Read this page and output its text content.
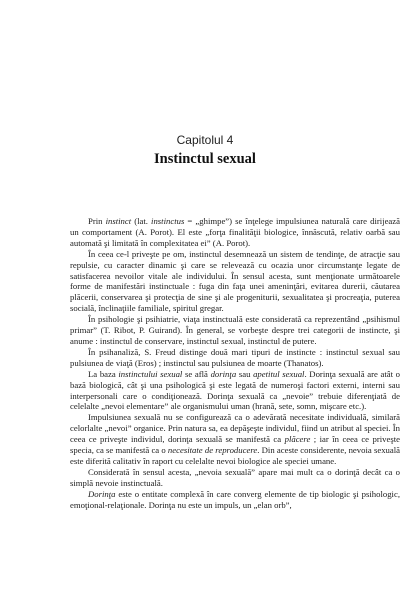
Capitolul 4
Instinctul sexual

Prin instinct (lat. instinctus = „ghimpe”) se înţelege impulsiunea naturală care dirijează un comportament (A. Porot). El este „forţa finalităţii biologice, înnăscută, relativ oarbă sau automată şi limitată în complexitatea ei” (A. Porot).

În ceea ce-l priveşte pe om, instinctul desemnează un sistem de tendinţe, de atracţie sau repulsie, cu caracter dinamic şi care se relevează cu ocazia unor circumstanţe legate de satisfacerea nevoilor vitale ale individului. În sensul acesta, sunt menţionate următoarele forme de manifestări instinctuale : fuga din faţa unei ameninţări, evitarea durerii, căutarea plăcerii, conservarea şi protecţia de sine şi ale progeniturii, sexualitatea şi procreaţia, puterea socială, înclinaţiile familiale, spiritul gregar.

În psihologie şi psihiatrie, viaţa instinctuală este considerată ca reprezentând „psihismul primar” (T. Ribot, P. Guirand). În general, se vorbeşte despre trei categorii de instincte, şi anume : instinctul de conservare, instinctul sexual, instinctul de putere.

În psihanaliză, S. Freud distinge două mari tipuri de instincte : instinctul sexual sau pulsiunea de viaţă (Eros) ; instinctul sau pulsiunea de moarte (Thanatos).

La baza instinctului sexual se află dorinţa sau apetitul sexual. Dorinţa sexuală are atât o bază biologică, cât şi una psihologică şi este legată de numeroşi factori externi, interni sau interpersonali care o condiţionează. Dorinţa sexuală ca „nevoie” trebuie diferenţiată de celelalte „nevoi elementare” ale organismului uman (hrană, sete, somn, mişcare etc.).

Impulsiunea sexuală nu se configurează ca o adevărată necesitate individuală, similară celorlalte „nevoi” organice. Prin natura sa, ea depăşeşte individul, fiind un atribut al speciei. În ceea ce priveşte individul, dorinţa sexuală se manifestă ca plăcere ; iar în ceea ce priveşte specia, ca se manifestă ca o necesitate de reproducere. Din aceste considerente, nevoia sexuală este diferită calitativ în raport cu celelalte nevoi biologice ale speciei umane.

Considerată în sensul acesta, „nevoia sexuală” apare mai mult ca o dorinţă decât ca o simplă nevoie instinctuală.

Dorinţa este o entitate complexă în care converg elemente de tip biologic şi psihologic, emoţional-relaţionale. Dorinţa nu este un impuls, un „elan orb”,
